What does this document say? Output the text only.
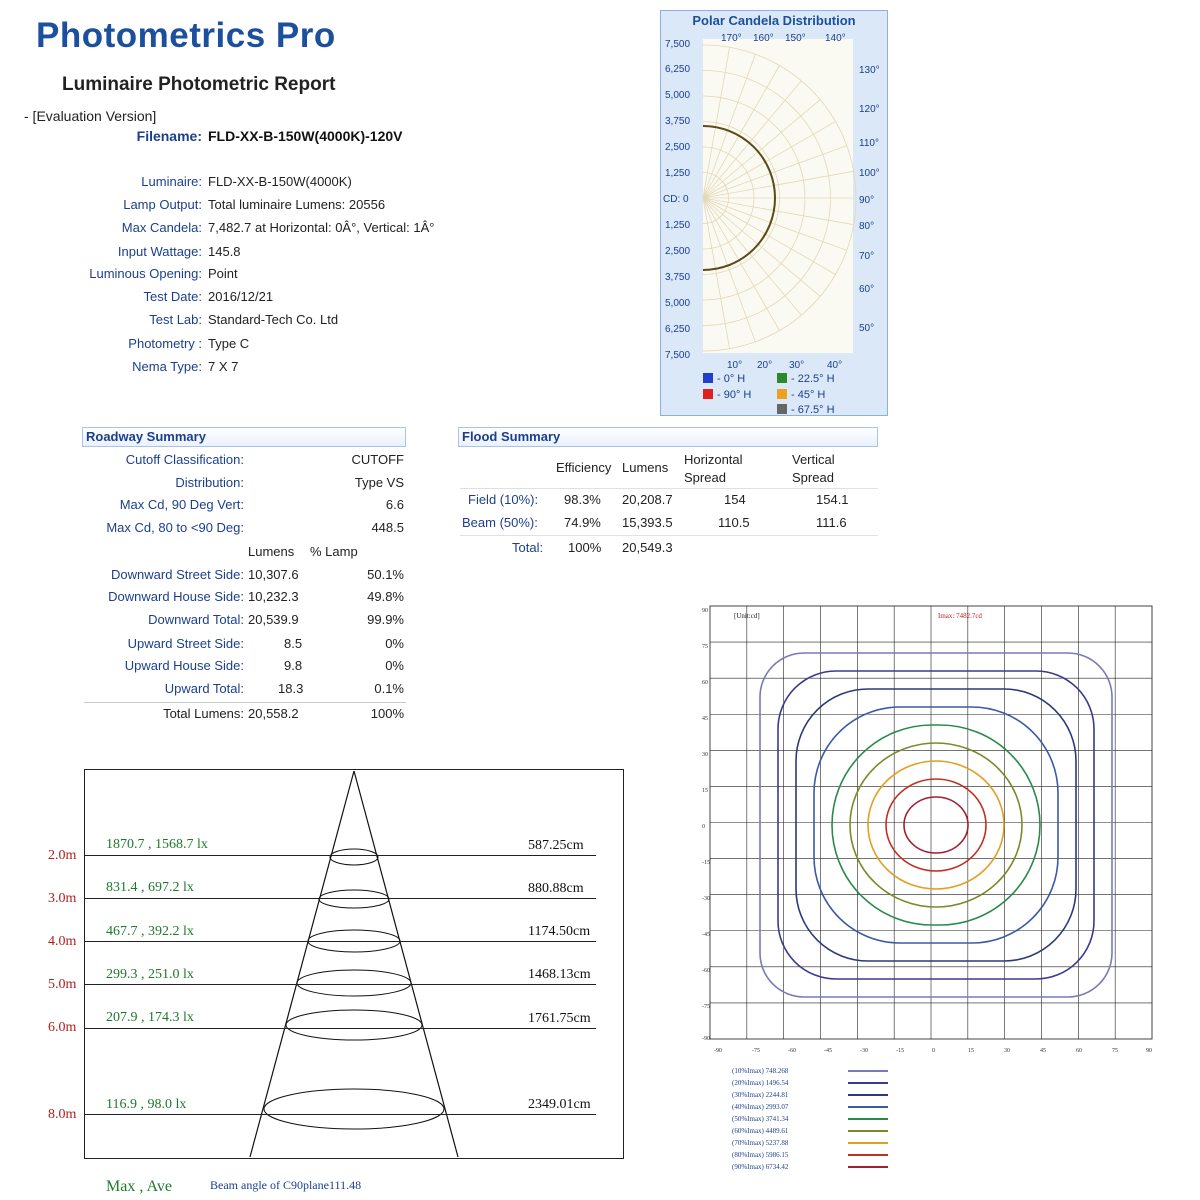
Photometrics Pro
Luminaire Photometric Report
- [Evaluation Version]
Filename: FLD-XX-B-150W(4000K)-120V
Luminaire: FLD-XX-B-150W(4000K)
Lamp Output: Total luminaire Lumens: 20556
Max Candela: 7,482.7 at Horizontal: 0Â°, Vertical: 1Â°
Input Wattage: 145.8
Luminous Opening: Point
Test Date: 2016/12/21
Test Lab: Standard-Tech Co. Ltd
Photometry : Type C
Nema Type: 7 X 7
Polar Candela Distribution
7,500
6,250
5,000
3,750
2,500
1,250
CD: 0
1,250
2,500
3,750
5,000
6,250
7,500
170° 160° 150° 140°
130°
120°
110°
100°
90°
80°
70°
60°
50°
10° 20° 30° 40°
- 0° H	- 22.5° H
- 90° H	- 45° H
- 67.5° H
Roadway Summary
Cutoff Classification:	CUTOFF
Distribution:	Type VS
Max Cd, 90 Deg Vert:	6.6
Max Cd, 80 to <90 Deg:	448.5
Lumens % Lamp
Downward Street Side: 10,307.6	50.1%
Downward House Side: 10,232.3	49.8%
Downward Total: 20,539.9	99.9%
Upward Street Side:	8.5	0%
Upward House Side:	9.8	0%
Upward Total:	18.3	0.1%
Total Lumens: 20,558.2	100%
Flood Summary
Efficiency Lumens
Horizontal
Spread
Vertical
Spread
Field (10%): 98.3% 20,208.7	154	154.1
Beam (50%): 74.9% 15,393.5	110.5	111.6
Total: 100% 20,549.3
2.0m
1870.7 , 1568.7 lx	587.25cm
3.0m
831.4 , 697.2 lx	880.88cm
4.0m
467.7 , 392.2 lx	1174.50cm
5.0m
299.3 , 251.0 lx	1468.13cm
6.0m
207.9 , 174.3 lx	1761.75cm
8.0m
116.9 , 98.0 lx	2349.01cm
Max , Ave	Beam angle of C90plane111.48
[Unit:cd]	Imax: 7482.7cd
90
75
60
45
30
15
0
-15
-30
-45
-60
-75
-90
-90	-75	-60	-45	-30	-15	0	15	30	45	60	75	90
(10%Imax) 748.268
(20%Imax) 1496.54
(30%Imax) 2244.81
(40%Imax) 2993.07
(50%Imax) 3741.34
(60%Imax) 4489.61
(70%Imax) 5237.88
(80%Imax) 5986.15
(90%Imax) 6734.42
